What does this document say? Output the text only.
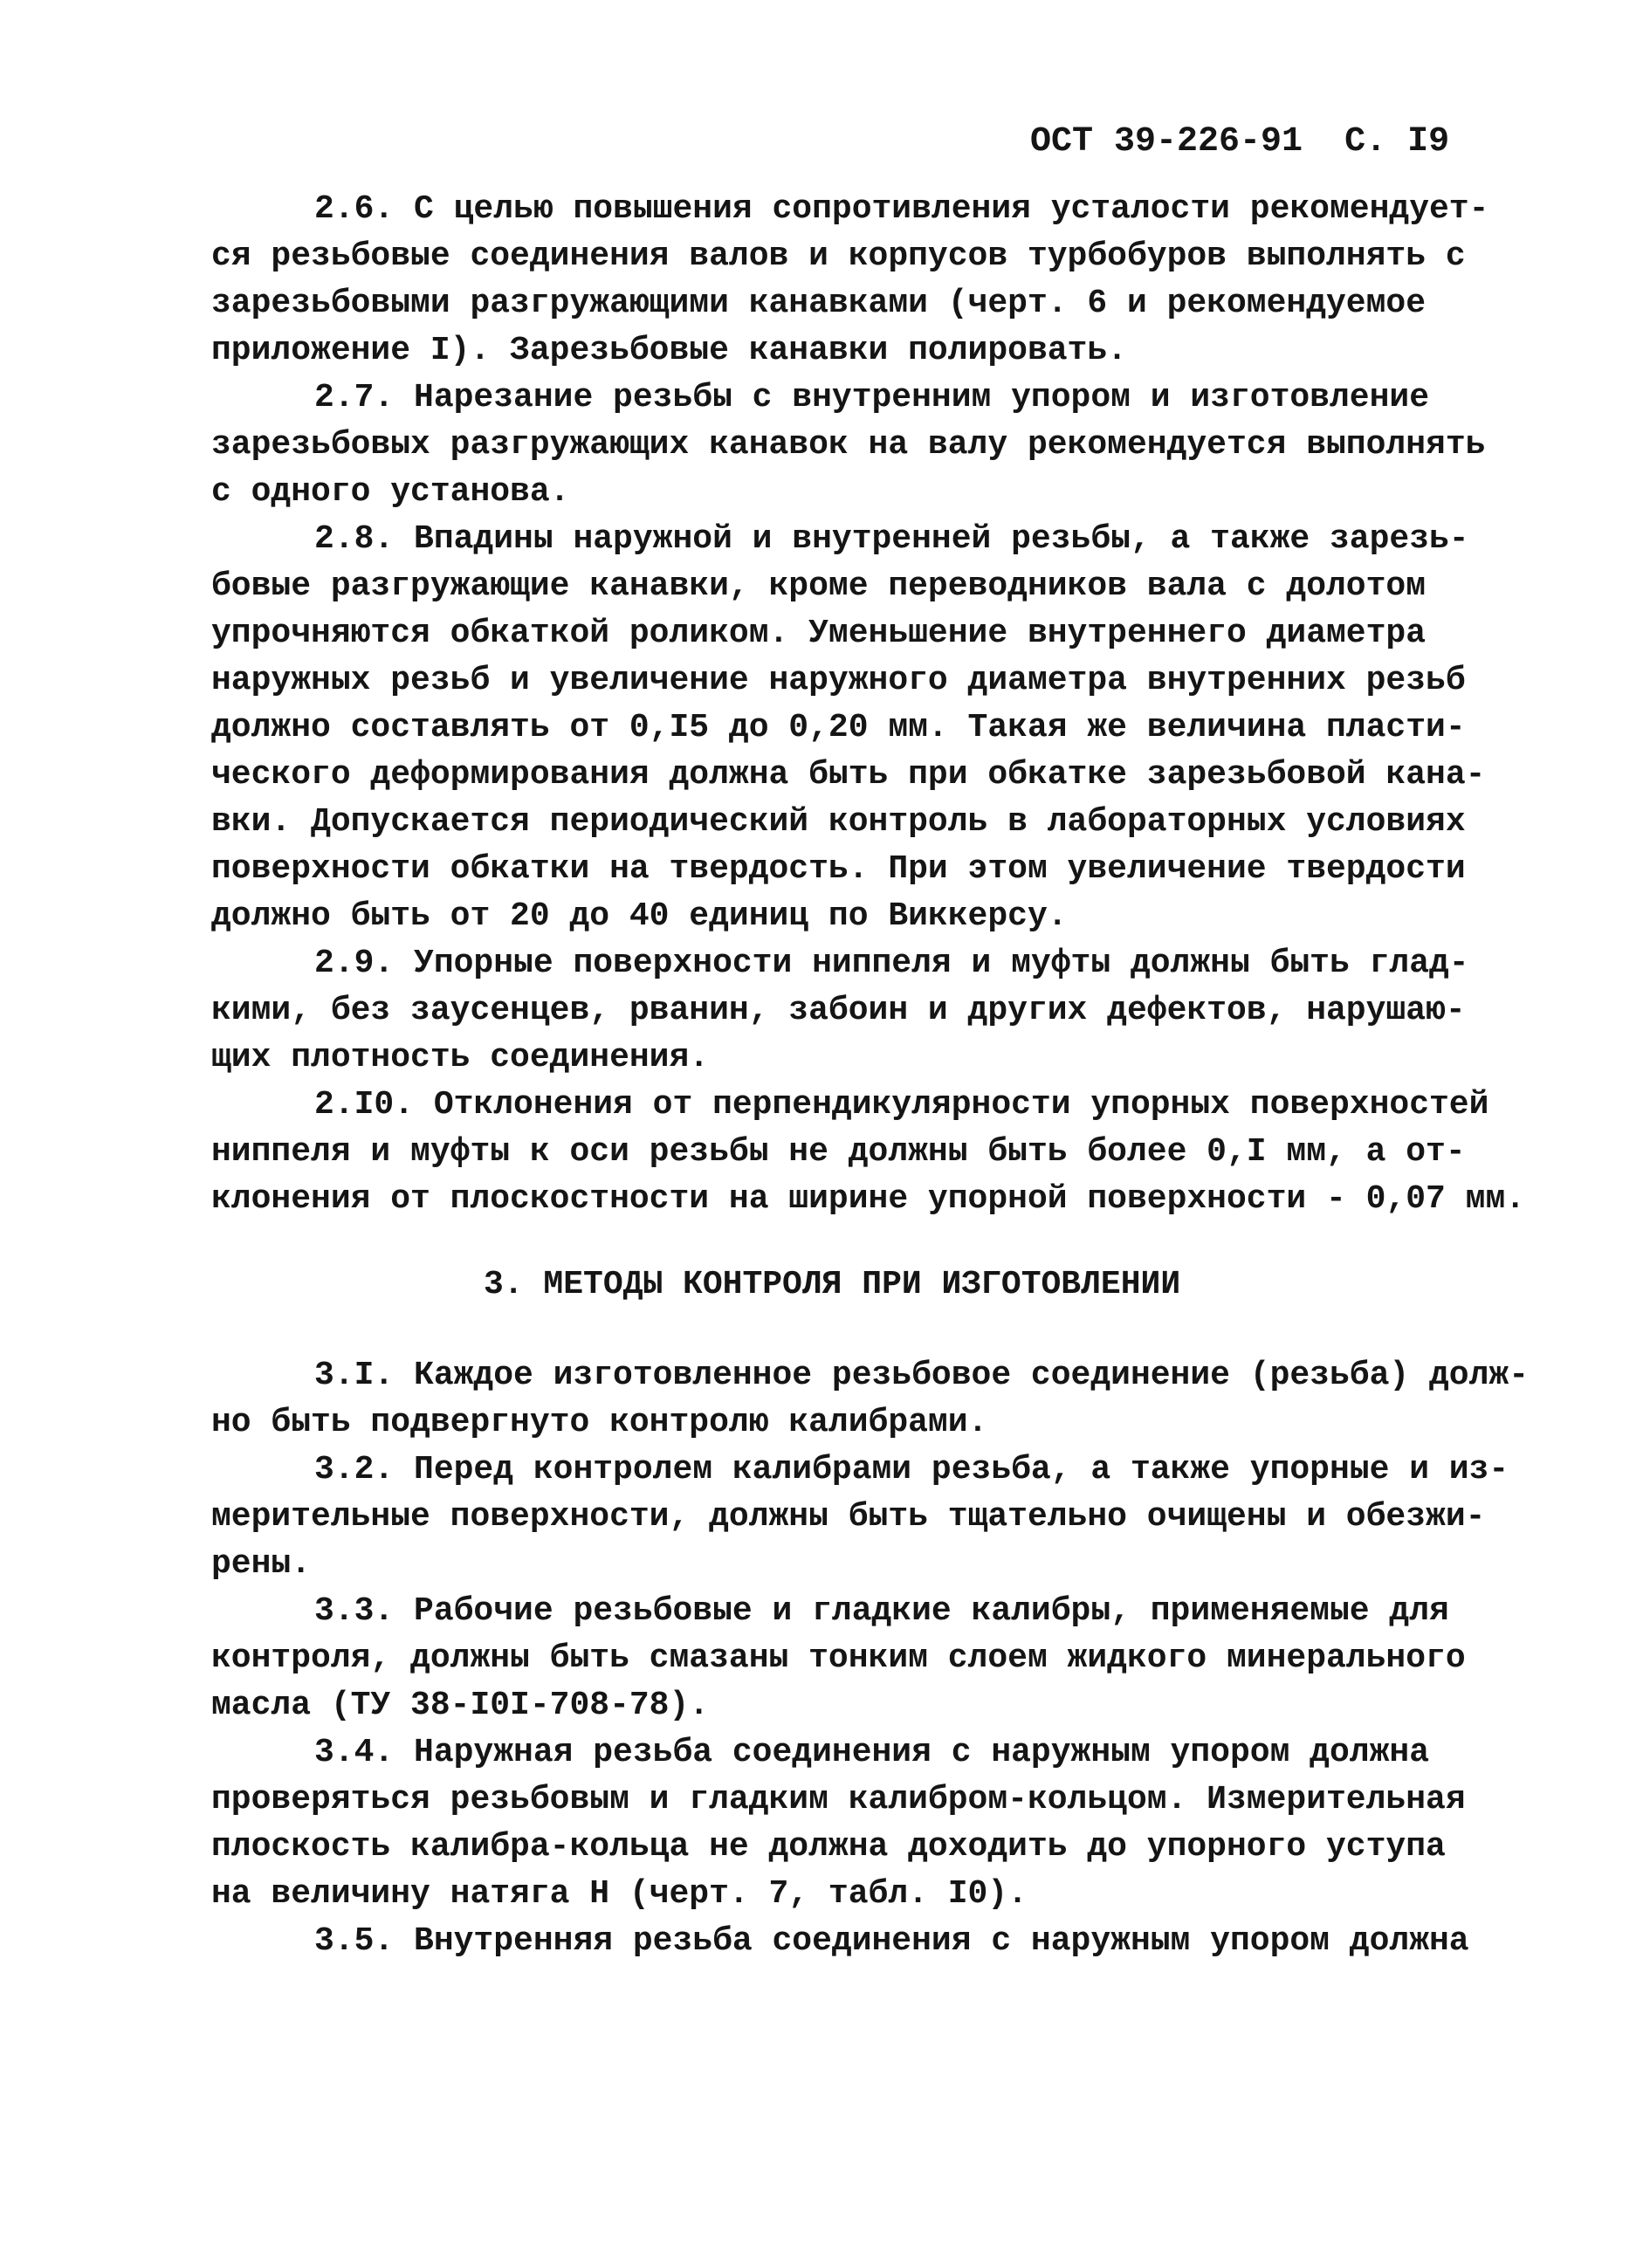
ОСТ 39-226-91 С. I9
2.6. С целью повышения сопротивления усталости рекомендует-
ся резьбовые соединения валов и корпусов турбобуров выполнять с
зарезьбовыми разгружающими канавками (черт. 6 и рекомендуемое
приложение I). Зарезьбовые канавки полировать.
2.7. Нарезание резьбы с внутренним упором и изготовление
зарезьбовых разгружающих канавок на валу рекомендуется выполнять
с одного установа.
2.8. Впадины наружной и внутренней резьбы, а также зарезь-
бовые разгружающие канавки, кроме переводников вала с долотом
упрочняются обкаткой роликом. Уменьшение внутреннего диаметра
наружных резьб и увеличение наружного диаметра внутренних резьб
должно составлять от 0,I5 до 0,20 мм. Такая же величина пласти-
ческого деформирования должна быть при обкатке зарезьбовой кана-
вки. Допускается периодический контроль в лабораторных условиях
поверхности обкатки на твердость. При этом увеличение твердости
должно быть от 20 до 40 единиц по Виккерсу.
2.9. Упорные поверхности ниппеля и муфты должны быть глад-
кими, без заусенцев, рванин, забоин и других дефектов, нарушаю-
щих плотность соединения.
2.I0. Отклонения от перпендикулярности упорных поверхностей
ниппеля и муфты к оси резьбы не должны быть более 0,I мм, а от-
клонения от плоскостности на ширине упорной поверхности - 0,07 мм.
3. МЕТОДЫ КОНТРОЛЯ ПРИ ИЗГОТОВЛЕНИИ
3.I. Каждое изготовленное резьбовое соединение (резьба) долж-
но быть подвергнуто контролю калибрами.
3.2. Перед контролем калибрами резьба, а также упорные и из-
мерительные поверхности, должны быть тщательно очищены и обезжи-
рены.
3.3. Рабочие резьбовые и гладкие калибры, применяемые для
контроля, должны быть смазаны тонким слоем жидкого минерального
масла (ТУ 38-I0I-708-78).
3.4. Наружная резьба соединения с наружным упором должна
проверяться резьбовым и гладким калибром-кольцом. Измерительная
плоскость калибра-кольца не должна доходить до упорного уступа
на величину натяга Н (черт. 7, табл. I0).
3.5. Внутренняя резьба соединения с наружным упором должна
